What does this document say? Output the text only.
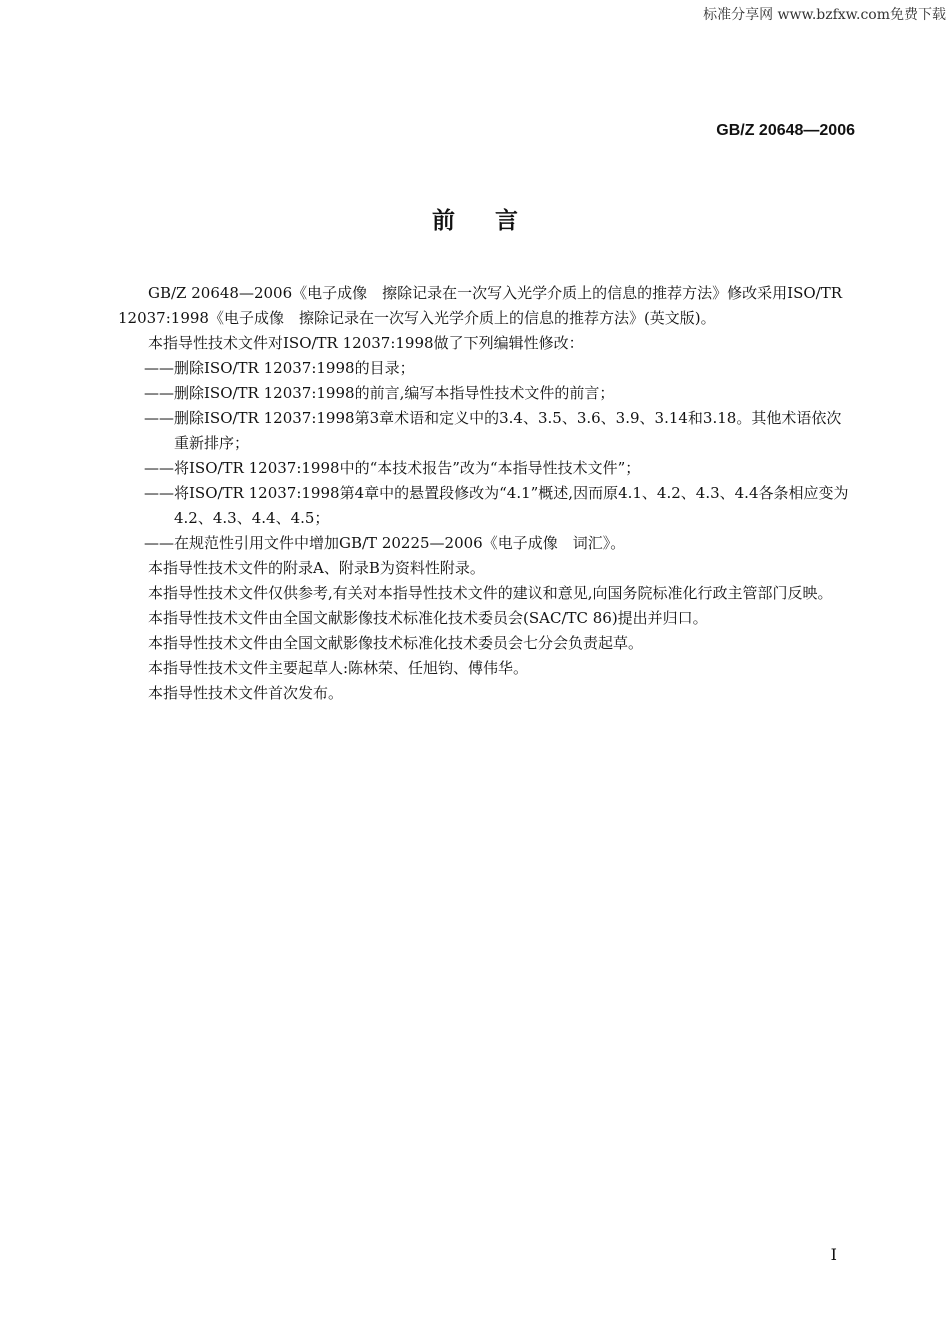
标准分享网 www.bzfxw.com免费下载
GB/Z 20648—2006
前言

GB/Z 20648—2006《电子成像　擦除记录在一次写入光学介质上的信息的推荐方法》修改采用ISO/TR 12037:1998《电子成像　擦除记录在一次写入光学介质上的信息的推荐方法》(英文版)。

本指导性技术文件对ISO/TR 12037:1998做了下列编辑性修改：

——删除ISO/TR 12037:1998的目录；

——删除ISO/TR 12037:1998的前言,编写本指导性技术文件的前言；

——删除ISO/TR 12037:1998第3章术语和定义中的3.4、3.5、3.6、3.9、3.14和3.18。其他术语依次重新排序；

——将ISO/TR 12037:1998中的“本技术报告”改为“本指导性技术文件”；

——将ISO/TR 12037:1998第4章中的悬置段修改为“4.1”概述,因而原4.1、4.2、4.3、4.4各条相应变为4.2、4.3、4.4、4.5；

——在规范性引用文件中增加GB/T 20225—2006《电子成像　词汇》。

本指导性技术文件的附录A、附录B为资料性附录。

本指导性技术文件仅供参考,有关对本指导性技术文件的建议和意见,向国务院标准化行政主管部门反映。

本指导性技术文件由全国文献影像技术标准化技术委员会(SAC/TC 86)提出并归口。

本指导性技术文件由全国文献影像技术标准化技术委员会七分会负责起草。

本指导性技术文件主要起草人:陈林荣、任旭钧、傅伟华。

本指导性技术文件首次发布。

I
